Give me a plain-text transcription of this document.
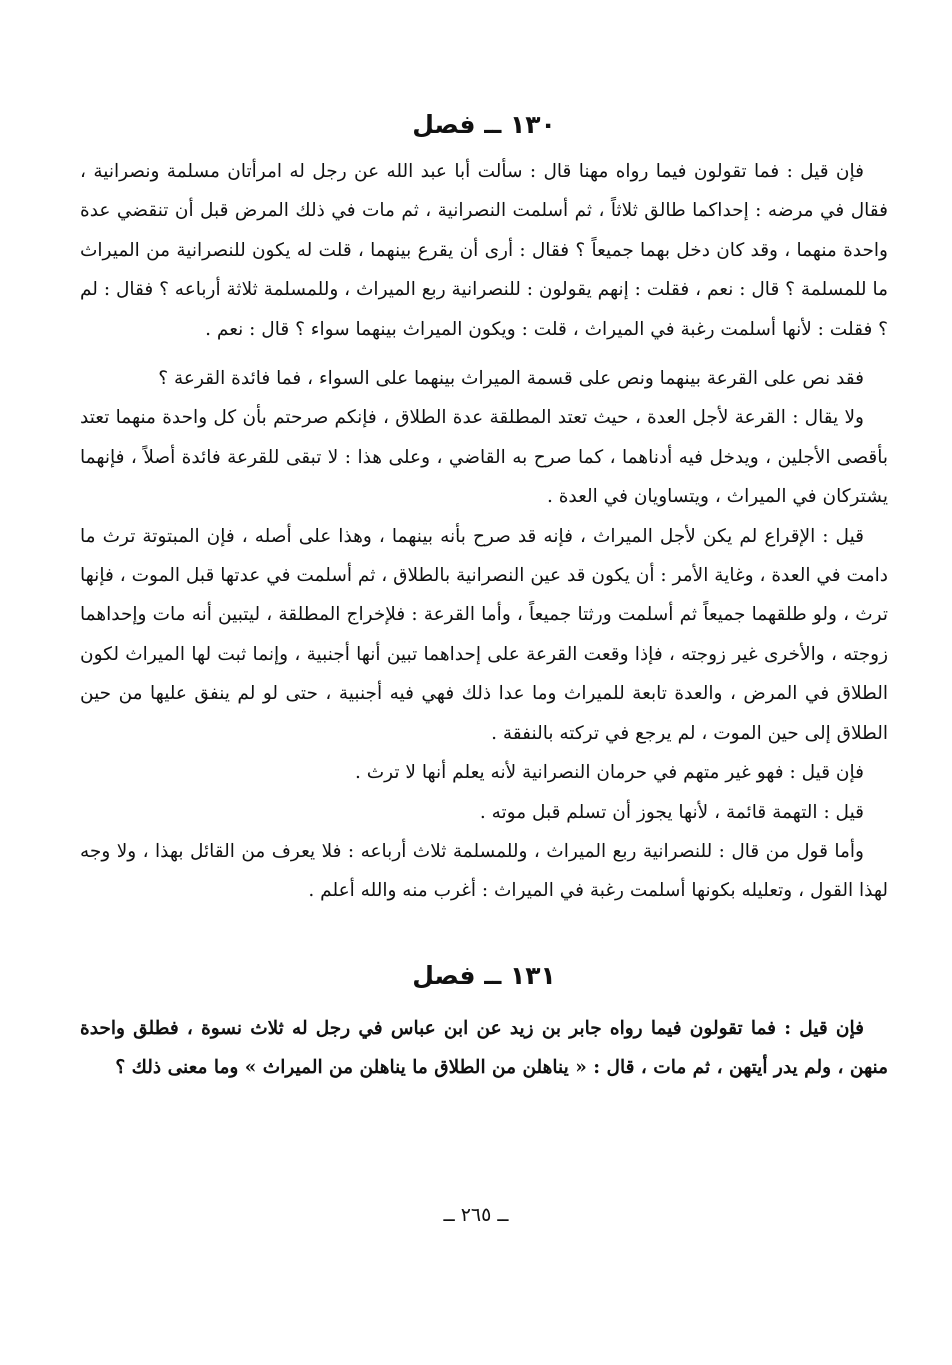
١٣٠ ــ فصل

فإن قيل : فما تقولون فيما رواه مهنا قال : سألت أبا عبد الله عن رجل له امرأتان مسلمة ونصرانية ، فقال في مرضه : إحداكما طالق ثلاثاً ، ثم أسلمت النصرانية ، ثم مات في ذلك المرض قبل أن تنقضي عدة واحدة منهما ، وقد كان دخل بهما جميعاً ؟ فقال : أرى أن يقرع بينهما ، قلت له يكون للنصرانية من الميراث ما للمسلمة ؟ قال : نعم ، فقلت : إنهم يقولون : للنصرانية ربع الميراث ، وللمسلمة ثلاثة أرباعه ؟ فقال : لم ؟ فقلت : لأنها أسلمت رغبة في الميراث ، قلت : ويكون الميراث بينهما سواء ؟ قال : نعم .

فقد نص على القرعة بينهما ونص على قسمة الميراث بينهما على السواء ، فما فائدة القرعة ؟

ولا يقال : القرعة لأجل العدة ، حيث تعتد المطلقة عدة الطلاق ، فإنكم صرحتم بأن كل واحدة منهما تعتد بأقصى الأجلين ، ويدخل فيه أدناهما ، كما صرح به القاضي ، وعلى هذا : لا تبقى للقرعة فائدة أصلاً ، فإنهما يشتركان في الميراث ، ويتساويان في العدة .

قيل : الإقراع لم يكن لأجل الميراث ، فإنه قد صرح بأنه بينهما ، وهذا على أصله ، فإن المبتوتة ترث ما دامت في العدة ، وغاية الأمر : أن يكون قد عين النصرانية بالطلاق ، ثم أسلمت في عدتها قبل الموت ، فإنها ترث ، ولو طلقهما جميعاً ثم أسلمت ورثتا جميعاً ، وأما القرعة : فلإخراج المطلقة ، ليتبين أنه مات وإحداهما زوجته ، والأخرى غير زوجته ، فإذا وقعت القرعة على إحداهما تبين أنها أجنبية ، وإنما ثبت لها الميراث لكون الطلاق في المرض ، والعدة تابعة للميراث وما عدا ذلك فهي فيه أجنبية ، حتى لو لم ينفق عليها من حين الطلاق إلى حين الموت ، لم يرجع في تركته بالنفقة .

فإن قيل : فهو غير متهم في حرمان النصرانية لأنه يعلم أنها لا ترث .

قيل : التهمة قائمة ، لأنها يجوز أن تسلم قبل موته .

وأما قول من قال : للنصرانية ربع الميراث ، وللمسلمة ثلاث أرباعه : فلا يعرف من القائل بهذا ، ولا وجه لهذا القول ، وتعليله بكونها أسلمت رغبة في الميراث : أغرب منه والله أعلم .

١٣١ ــ فصل

فإن قيل : فما تقولون فيما رواه جابر بن زيد عن ابن عباس في رجل له ثلاث نسوة ، فطلق واحدة منهن ، ولم يدر أيتهن ، ثم مات ، قال : « يناهلن من الطلاق ما يناهلن من الميراث » وما معنى ذلك ؟

ــ ٢٦٥ ــ
